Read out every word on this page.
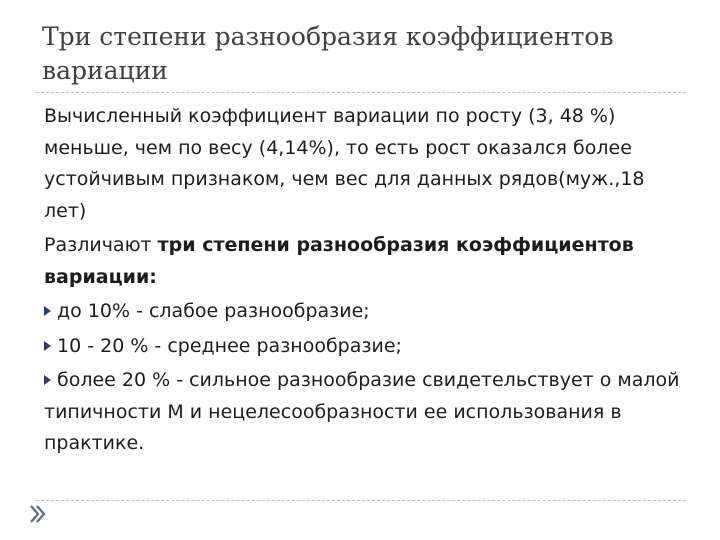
Три степени разнообразия коэффициентов вариации

Вычисленный коэффициент вариации по росту (3, 48 %) меньше, чем по весу (4,14%), то есть рост оказался более устойчивым признаком, чем вес для данных рядов(муж.,18 лет)

Различают три степени разнообразия коэффициентов вариации:

до 10% - слабое разнообразие;

10 - 20 % - среднее разнообразие;

более 20 % - сильное разнообразие свидетельствует о малой типичности М и нецелесообразности ее использования в практике.
